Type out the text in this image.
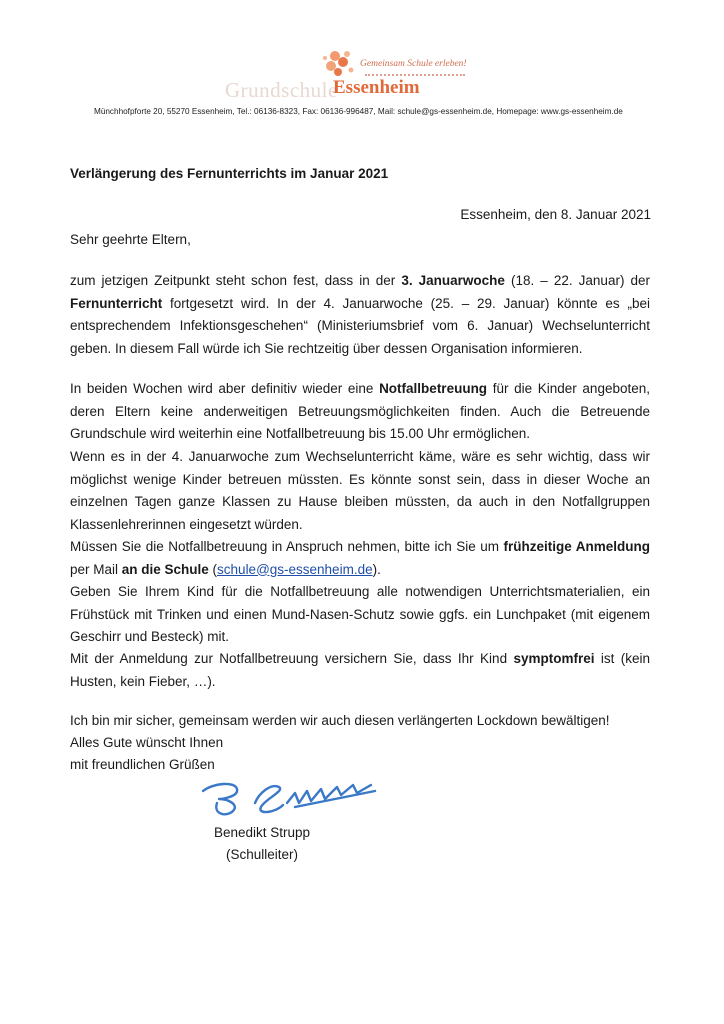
Gemeinsam Schule erleben!
Grundschule
Essenheim
Münchhofpforte 20, 55270 Essenheim, Tel.: 06136-8323, Fax: 06136-996487, Mail: schule@gs-essenheim.de, Homepage: www.gs-essenheim.de
Verlängerung des Fernunterrichts im Januar 2021
Essenheim, den 8. Januar 2021
Sehr geehrte Eltern,

zum jetzigen Zeitpunkt steht schon fest, dass in der 3. Januarwoche (18. – 22. Januar) der Fernunterricht fortgesetzt wird. In der 4. Januarwoche (25. – 29. Januar) könnte es „bei entsprechendem Infektionsgeschehen“ (Ministeriumsbrief vom 6. Januar) Wechselunterricht geben. In diesem Fall würde ich Sie rechtzeitig über dessen Organisation informieren.

In beiden Wochen wird aber definitiv wieder eine Notfallbetreuung für die Kinder angeboten, deren Eltern keine anderweitigen Betreuungsmöglichkeiten finden. Auch die Betreuende Grundschule wird weiterhin eine Notfallbetreuung bis 15.00 Uhr ermöglichen.

Wenn es in der 4. Januarwoche zum Wechselunterricht käme, wäre es sehr wichtig, dass wir möglichst wenige Kinder betreuen müssten. Es könnte sonst sein, dass in dieser Woche an einzelnen Tagen ganze Klassen zu Hause bleiben müssten, da auch in den Notfallgruppen Klassenlehrerinnen eingesetzt würden.

Müssen Sie die Notfallbetreuung in Anspruch nehmen, bitte ich Sie um frühzeitige Anmeldung per Mail an die Schule (schule@gs-essenheim.de).

Geben Sie Ihrem Kind für die Notfallbetreuung alle notwendigen Unterrichtsmaterialien, ein Frühstück mit Trinken und einen Mund-Nasen-Schutz sowie ggfs. ein Lunchpaket (mit eigenem Geschirr und Besteck) mit.

Mit der Anmeldung zur Notfallbetreuung versichern Sie, dass Ihr Kind symptomfrei ist (kein Husten, kein Fieber, …).

Ich bin mir sicher, gemeinsam werden wir auch diesen verlängerten Lockdown bewältigen!
Alles Gute wünscht Ihnen
mit freundlichen Grüßen
Benedikt Strupp
(Schulleiter)
